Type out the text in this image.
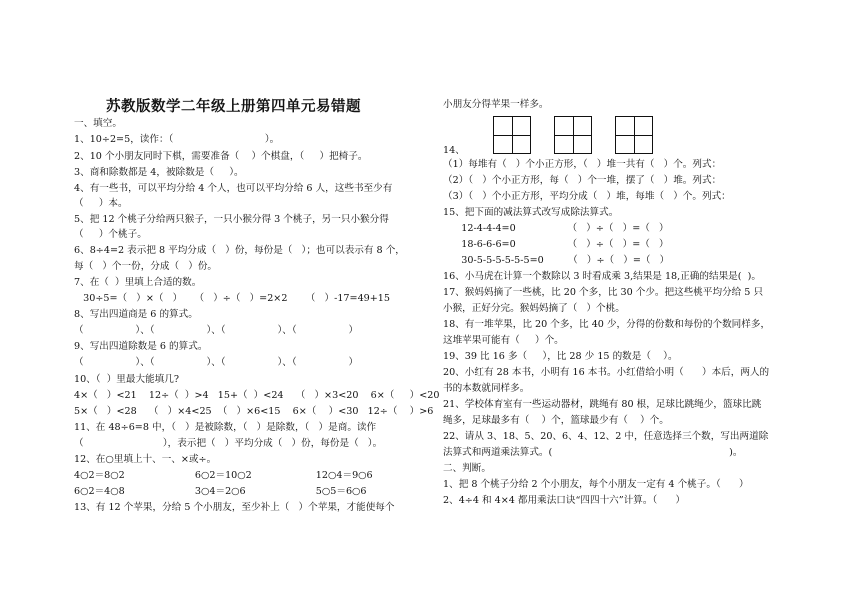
苏教版数学二年级上册第四单元易错题
一、填空。
1、10÷2=5，读作：（                              ）。
2、10 个小朋友同时下棋，需要准备（    ）个棋盘，（     ）把椅子。
3、商和除数都是 4，被除数是（     ）。
4、有一些书，可以平均分给 4 个人，也可以平均分给 6 人，这些书至少有
（     ）本。
5、把 12 个桃子分给两只猴子，一只小猴分得 3 个桃子，另一只小猴分得
（     ）个桃子。
6、8÷4=2 表示把 8 平均分成（   ）份，每份是（   ）；也可以表示有 8 个，
每（   ）个一份，分成（   ）份。
7、在（  ）里填上合适的数。
30÷5=（   ）×（   ）    （   ）÷（   ）=2×2      （   ）-17=49+15
8、写出四道商是 6 的算式。
（                 ）、（                 ）、（                 ）、（                 ）
9、写出四道除数是 6 的算式。
（                 ）、（                 ）、（                 ）、（                 ）
10、（  ）里最大能填几?
4×（   ）<21    12÷（  ）>4   15+（  ）<24    （   ）×3<20    6×（     ）<20
5×（   ）<28    （   ）×4<25  （   ）×6<15    6×（    ）<30   12÷（    ）>6
11、在 48÷6=8 中，（   ）是被除数，（   ）是除数，（   ）是商。读作
（                          ），表示把（   ）平均分成（   ）份，每份是（   ）。
12、在○里填上十、一、×或÷。
4○2＝8○2                       6○2＝10○2                     12○4＝9○6
6○2＝4○8                       3○4＝2○6                       5○5＝6○6
13、有 12 个苹果，分给 5 个小朋友，至少补上（   ）个苹果，才能使每个
小朋友分得苹果一样多。
14、
（1）每堆有（   ）个小正方形，（   ）堆一共有（   ）个。列式：
（2）（   ）个小正方形，每（   ）个一堆，摆了（   ）堆。列式：
（3）（   ）个小正方形，平均分成（   ）堆，每堆（   ）个。列式：
15、把下面的减法算式改写成除法算式。
12-4-4-4=0                 （   ）÷（   ）=（   ）
18-6-6-6=0                 （   ）÷（   ）=（   ）
30-5-5-5-5-5-5=0        （   ）÷（   ）=（   ）
16、小马虎在计算一个数除以 3 时看成乘 3,结果是 18,正确的结果是(  )。
17、猴妈妈摘了一些桃，比 20 个多，比 30 个少。把这些桃平均分给 5 只
小猴，正好分完。猴妈妈摘了（   ）个桃。
18、有一堆苹果，比 20 个多，比 40 少，分得的份数和每份的个数同样多，
这堆苹果可能有（     ）个。
19、39 比 16 多（     ），比 28 少 15 的数是（    ）。
20、小红有 28 本书，小明有 16 本书。小红借给小明（      ）本后，两人的
书的本数就同样多。
21、学校体育室有一些运动器材，跳绳有 80 根，足球比跳绳少，篮球比跳
绳多，足球最多有（    ）个，篮球最少有（    ）个。
22、请从 3、18、5、20、6、4、12、2 中，任意选择三个数，写出两道除
法算式和两道乘法算式。(                                                          )。
二、判断。
1、把 8 个桃子分给 2 个小朋友，每个小朋友一定有 4 个桃子。（      ）
2、4÷4 和 4×4 都用乘法口诀“四四十六”计算。（      ）
